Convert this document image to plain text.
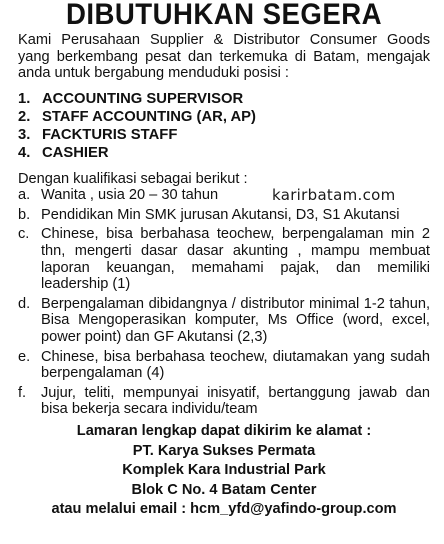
DIBUTUHKAN SEGERA

Kami Perusahaan Supplier & Distributor Consumer Goods yang berkembang pesat dan terkemuka di Batam, mengajak anda untuk bergabung menduduki posisi :

1. ACCOUNTING SUPERVISOR
2. STAFF ACCOUNTING (AR, AP)
3. FACKTURIS STAFF
4. CASHIER

Dengan kualifikasi sebagai berikut :

a. Wanita , usia 20 – 30 tahun
b. Pendidikan Min SMK jurusan Akutansi, D3, S1 Akutansi
c. Chinese, bisa berbahasa teochew, berpengalaman min 2 thn, mengerti dasar dasar akunting , mampu membuat laporan keuangan, memahami pajak, dan memiliki leadership (1)
d. Berpengalaman dibidangnya / distributor minimal 1-2 tahun, Bisa Mengoperasikan komputer, Ms Office (word, excel, power point) dan GF Akutansi (2,3)
e. Chinese, bisa berbahasa teochew, diutamakan yang sudah berpengalaman (4)
f.	Jujur, teliti, mempunyai inisyatif, bertanggung jawab dan bisa bekerja secara individu/team
Lamaran lengkap dapat dikirim ke alamat :
PT. Karya Sukses Permata
Komplek Kara Industrial Park
Blok C No. 4 Batam Center
atau melalui email : hcm_yfd@yafindo-group.com
karirbatam.com
